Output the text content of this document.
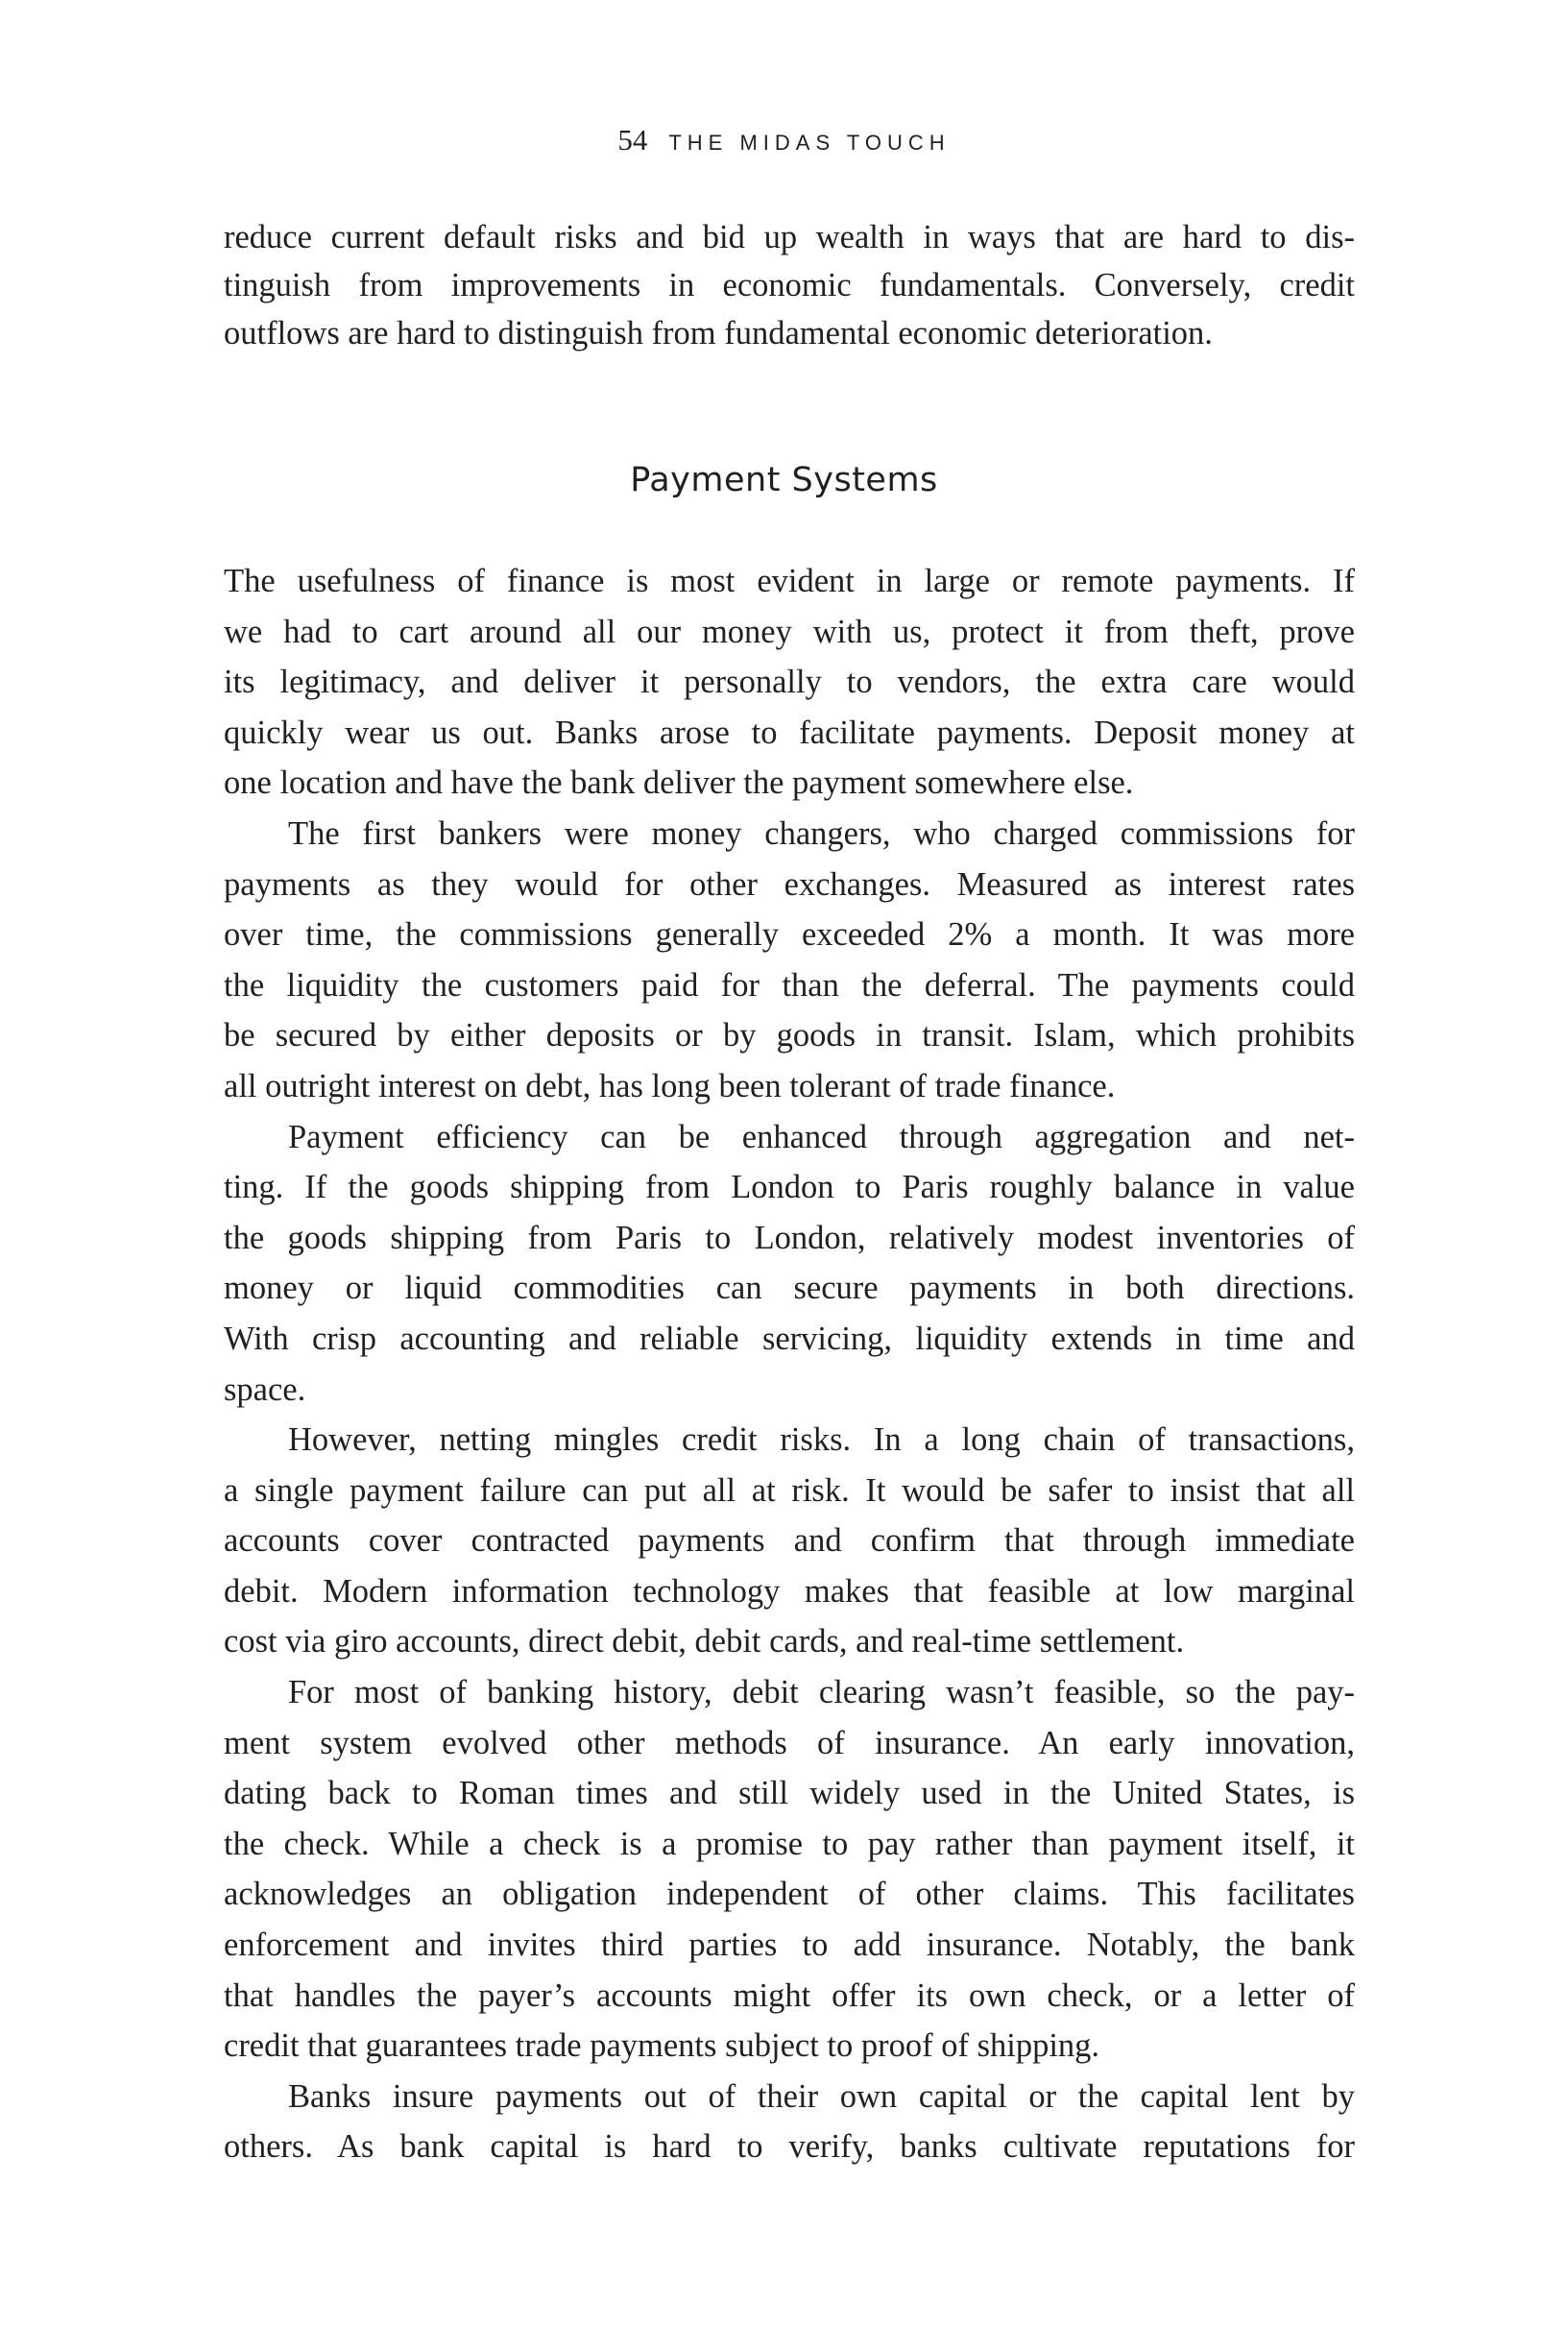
54 THE MIDAS TOUCH
reduce current default risks and bid up wealth in ways that are hard to dis-
tinguish from improvements in economic fundamentals. Conversely, credit
outflows are hard to distinguish from fundamental economic deterioration.
Payment Systems
The usefulness of finance is most evident in large or remote payments. If
we had to cart around all our money with us, protect it from theft, prove
its legitimacy, and deliver it personally to vendors, the extra care would
quickly wear us out. Banks arose to facilitate payments. Deposit money at
one location and have the bank deliver the payment somewhere else.
The first bankers were money changers, who charged commissions for
payments as they would for other exchanges. Measured as interest rates
over time, the commissions generally exceeded 2% a month. It was more
the liquidity the customers paid for than the deferral. The payments could
be secured by either deposits or by goods in transit. Islam, which prohibits
all outright interest on debt, has long been tolerant of trade finance.
Payment efficiency can be enhanced through aggregation and net-
ting. If the goods shipping from London to Paris roughly balance in value
the goods shipping from Paris to London, relatively modest inventories of
money or liquid commodities can secure payments in both directions.
With crisp accounting and reliable servicing, liquidity extends in time and
space.
However, netting mingles credit risks. In a long chain of transactions,
a single payment failure can put all at risk. It would be safer to insist that all
accounts cover contracted payments and confirm that through immediate
debit. Modern information technology makes that feasible at low marginal
cost via giro accounts, direct debit, debit cards, and real-time settlement.
For most of banking history, debit clearing wasn’t feasible, so the pay-
ment system evolved other methods of insurance. An early innovation,
dating back to Roman times and still widely used in the United States, is
the check. While a check is a promise to pay rather than payment itself, it
acknowledges an obligation independent of other claims. This facilitates
enforcement and invites third parties to add insurance. Notably, the bank
that handles the payer’s accounts might offer its own check, or a letter of
credit that guarantees trade payments subject to proof of shipping.
Banks insure payments out of their own capital or the capital lent by
others. As bank capital is hard to verify, banks cultivate reputations for
